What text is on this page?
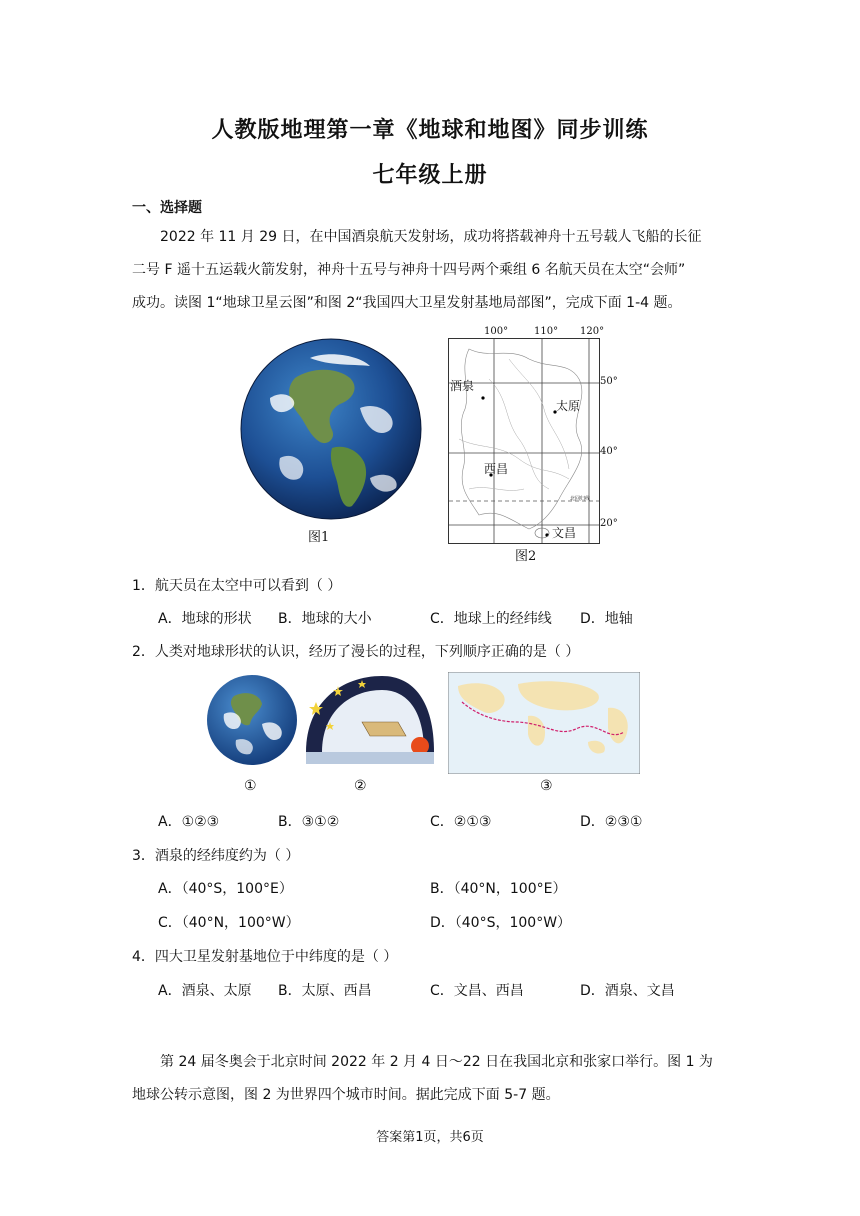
人教版地理第一章《地球和地图》同步训练
七年级上册
一、选择题
2022 年 11 月 29 日，在中国酒泉航天发射场，成功将搭载神舟十五号载人飞船的长征
二号 F 遥十五运载火箭发射，神舟十五号与神舟十四号两个乘组 6 名航天员在太空“会师”
成功。读图 1“地球卫星云图”和图 2“我国四大卫星发射基地局部图”，完成下面 1-4 题。
图1
100°	110° 120°
酒泉
太原
西昌
文昌
北回归线
50°
40°
20°
图2
1．航天员在太空中可以看到（ ）
A．地球的形状 B．地球的大小	C．地球上的经纬线 D．地轴
2．人类对地球形状的认识，经历了漫长的过程，下列顺序正确的是（ ）
①	②	③
A．①②③	B．③①②	C．②①③	D．②③①
3．酒泉的经纬度约为（ ）
A．（40°S，100°E）	B．（40°N，100°E）
C．（40°N，100°W）	D．（40°S，100°W）
4．四大卫星发射基地位于中纬度的是（ ）
A．酒泉、太原 B．太原、西昌	C．文昌、西昌	D．酒泉、文昌
第 24 届冬奥会于北京时间 2022 年 2 月 4 日～22 日在我国北京和张家口举行。图 1 为
地球公转示意图，图 2 为世界四个城市时间。据此完成下面 5-7 题。
答案第1页，共6页
